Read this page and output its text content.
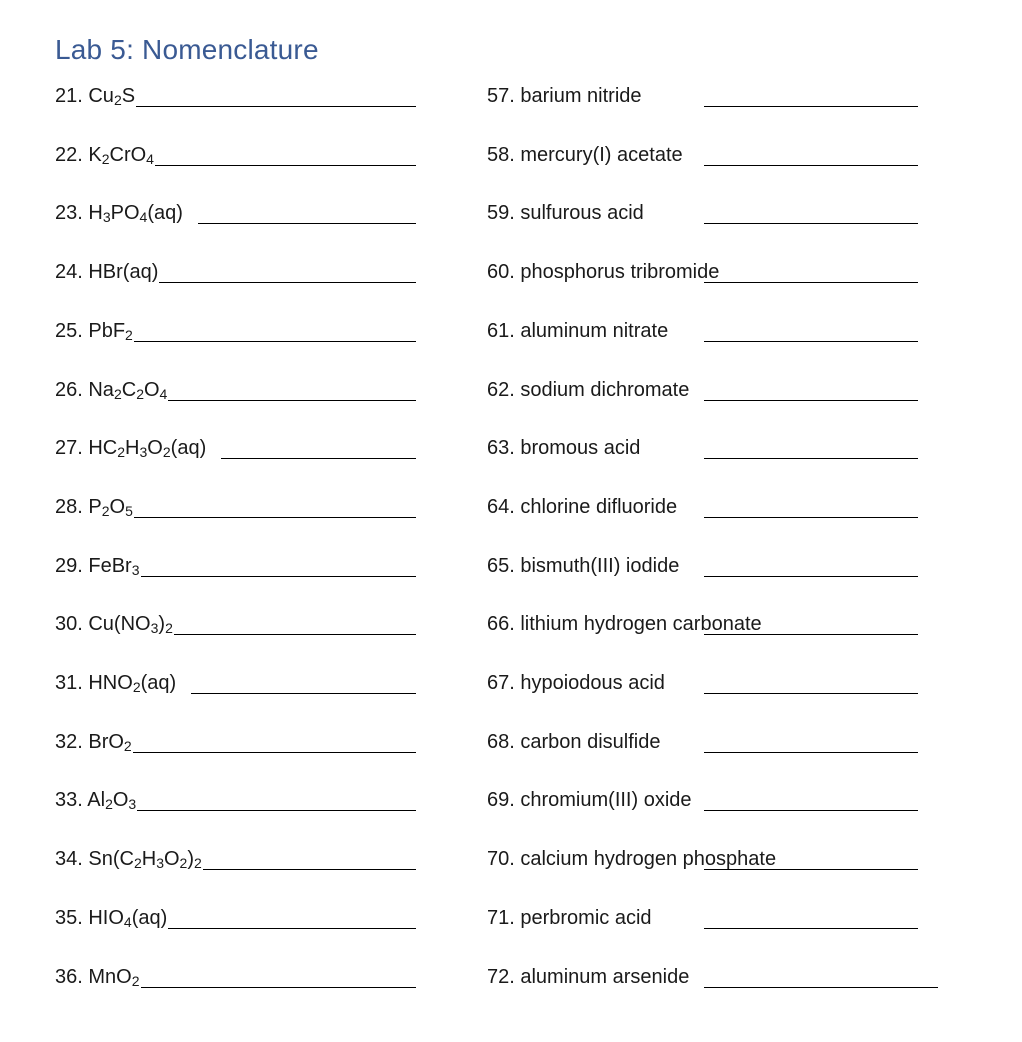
Lab 5: Nomenclature
21. $Cu_2S$
22. $K_2CrO_4$
23. $H_3PO_4(aq)$
24. HBr(aq)
25. PbF$_2$
26. $Na_2C_2O_4$
27. $HC_2H_3O_2(aq)$
28. $P_2O_5$
29. FeBr$_3$
30. $Cu(NO_3)_2$
31. $HNO_2(aq)$
32. BrO$_2$
33. $Al_2O_3$
34. $Sn(C_2H_3O_2)_2$
35. $HIO_4(aq)$
36. MnO$_2$
57. barium nitride
58. mercury(I) acetate
59. sulfurous acid
60. phosphorus tribromide
61. aluminum nitrate
62. sodium dichromate
63. bromous acid
64. chlorine difluoride
65. bismuth(III) iodide
66. lithium hydrogen carbonate
67. hypoiodous acid
68. carbon disulfide
69. chromium(III) oxide
70. calcium hydrogen phosphate
71. perbromic acid
72. aluminum arsenide
